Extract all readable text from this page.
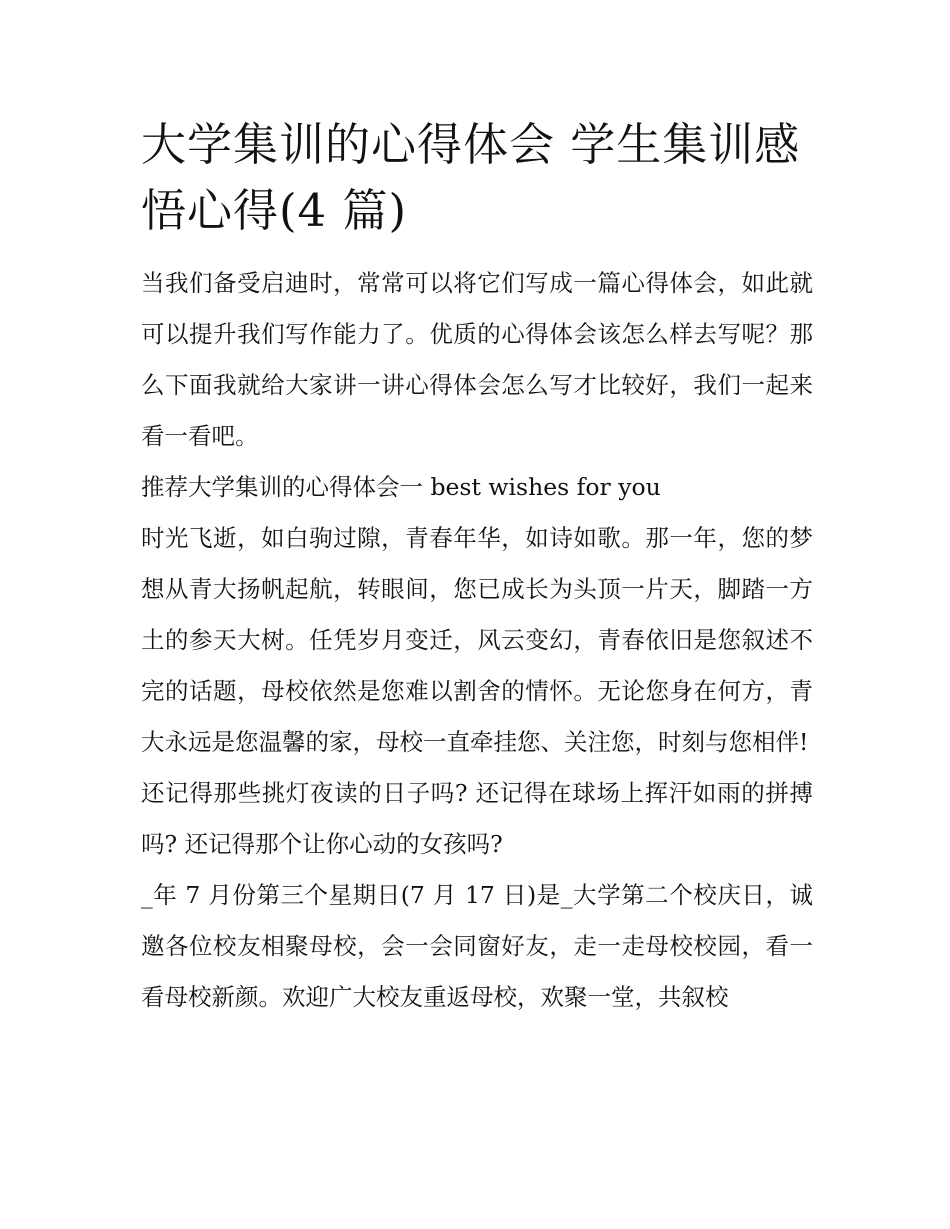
大学集训的心得体会 学生集训感悟心得(4 篇)

当我们备受启迪时，常常可以将它们写成一篇心得体会，如此就可以提升我们写作能力了。优质的心得体会该怎么样去写呢？那么下面我就给大家讲一讲心得体会怎么写才比较好，我们一起来看一看吧。

推荐大学集训的心得体会一 best wishes for you

时光飞逝，如白驹过隙，青春年华，如诗如歌。那一年，您的梦想从青大扬帆起航，转眼间，您已成长为头顶一片天，脚踏一方土的参天大树。任凭岁月变迁，风云变幻，青春依旧是您叙述不完的话题，母校依然是您难以割舍的情怀。无论您身在何方，青大永远是您温馨的家，母校一直牵挂您、关注您，时刻与您相伴!

还记得那些挑灯夜读的日子吗? 还记得在球场上挥汗如雨的拼搏吗? 还记得那个让你心动的女孩吗?

_年 7 月份第三个星期日(7 月 17 日)是_大学第二个校庆日，诚邀各位校友相聚母校，会一会同窗好友，走一走母校校园，看一看母校新颜。欢迎广大校友重返母校，欢聚一堂，共叙校
